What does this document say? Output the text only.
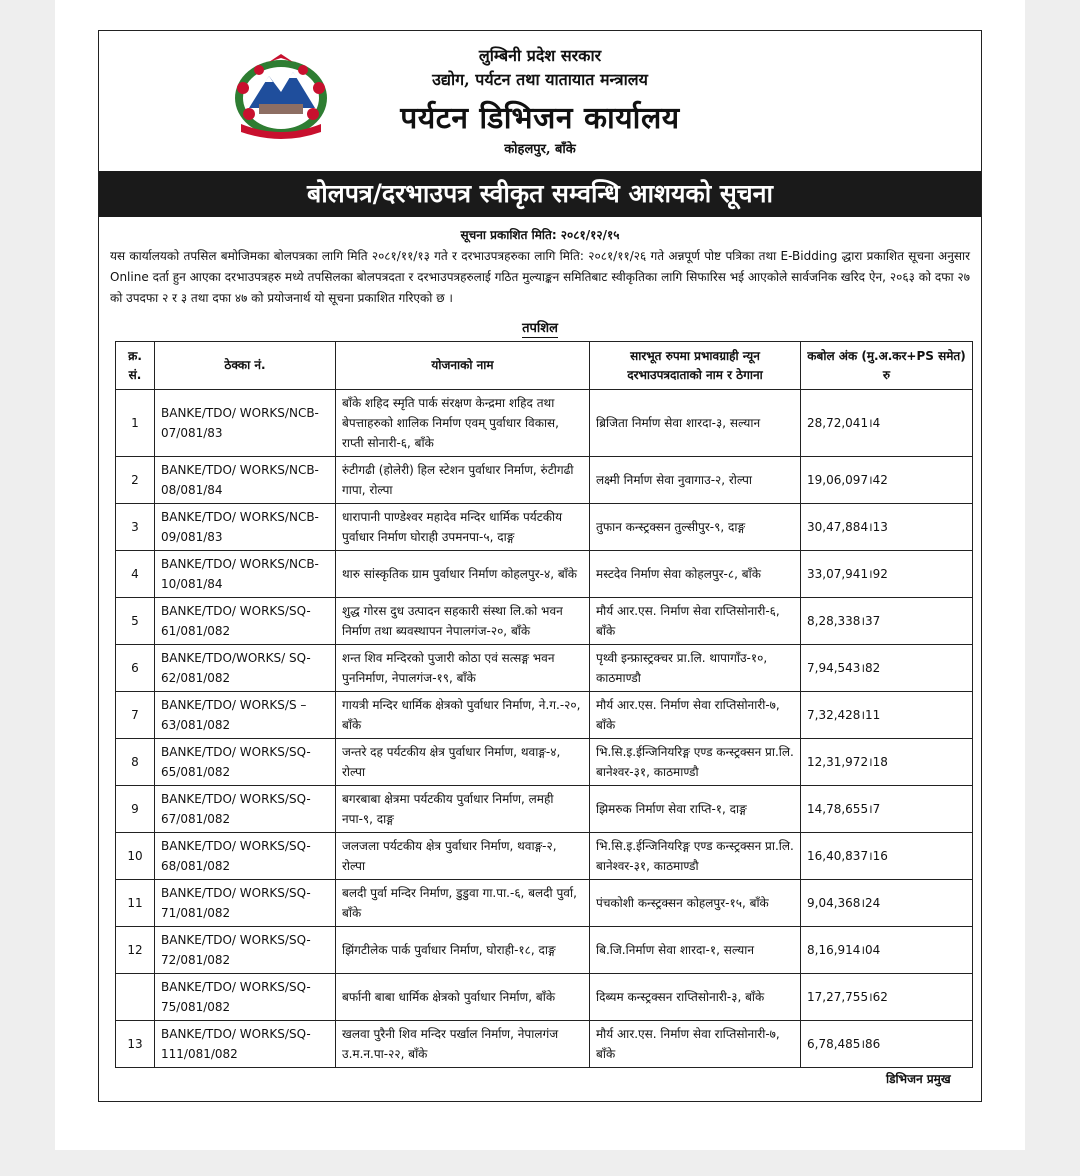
लुम्बिनी प्रदेश सरकार
उद्योग, पर्यटन तथा यातायात मन्त्रालय
पर्यटन डिभिजन कार्यालय
कोहलपुर, बाँके
बोलपत्र/दरभाउपत्र स्वीकृत सम्वन्धि आशयको सूचना
सूचना प्रकाशित मिति: २०८१/१२/१५
यस कार्यालयको तपसिल बमोजिमका बोलपत्रका लागि मिति २०८१/११/१३ गते र दरभाउपत्रहरुका लागि मिति: २०८१/११/२६ गते अन्नपूर्ण पोष्ट पत्रिका तथा E-Bidding द्धारा प्रकाशित सूचना अनुसार Online दर्ता हुन आएका दरभाउपत्रहरु मध्ये तपसिलका बोलपत्रदता र दरभाउपत्रहरुलाई गठित मुल्याङ्कन समितिबाट स्वीकृतिका लागि सिफारिस भई आएकोले सार्वजनिक खरिद ऐन, २०६३ को दफा २७ को उपदफा २ र ३ तथा दफा ४७ को प्रयोजनार्थ यो सूचना प्रकाशित गरिएको छ ।
तपशिल
क्र. सं.	ठेक्का नं.	योजनाको नाम	सारभूत रुपमा प्रभावग्राही न्यून दरभाउपत्रदाताको नाम र ठेगाना	कबोल अंक (मु.अ.कर+PS समेत) रु
1	BANKE/TDO/ WORKS/NCB-07/081/83	बाँके शहिद स्मृति पार्क संरक्षण केन्द्रमा शहिद तथा बेपत्ताहरुको शालिक निर्माण एवम् पुर्वाधार विकास, राप्ती सोनारी-६, बाँके	ब्रिजिता निर्माण सेवा शारदा-३, सल्यान	28,72,041।4
2	BANKE/TDO/ WORKS/NCB-08/081/84	रुंटीगढी (होलेरी) हिल स्टेशन पुर्वाधार निर्माण, रुंटीगढी गापा, रोल्पा	लक्ष्मी निर्माण सेवा नुवागाउ-२, रोल्पा	19,06,097।42
3	BANKE/TDO/ WORKS/NCB-09/081/83	धारापानी पाण्डेश्वर महादेव मन्दिर धार्मिक पर्यटकीय पुर्वाधार निर्माण घोराही उपमनपा-५, दाङ्ग	तुफान कन्स्ट्रक्सन तुल्सीपुर-९, दाङ्ग	30,47,884।13
4	BANKE/TDO/ WORKS/NCB-10/081/84	थारु सांस्कृतिक ग्राम पुर्वाधार निर्माण कोहलपुर-४, बाँके	मस्टदेव निर्माण सेवा कोहलपुर-८, बाँके	33,07,941।92
5	BANKE/TDO/ WORKS/SQ-61/081/082	शुद्ध गोरस दुध उत्पादन सहकारी संस्था लि.को भवन निर्माण तथा ब्यवस्थापन नेपालगंज-२०, बाँके	मौर्य आर.एस. निर्माण सेवा राप्तिसोनारी-६, बाँके	8,28,338।37
6	BANKE/TDO/WORKS/ SQ-62/081/082	शन्त शिव मन्दिरको पुजारी कोठा एवं सत्सङ्ग भवन पुननिर्माण, नेपालगंज-१९, बाँके	पृथ्वी इन्फ्रास्ट्रक्चर प्रा.लि. थापागाँउ-१०, काठमाण्डौ	7,94,543।82
7	BANKE/TDO/ WORKS/S –63/081/082	गायत्री मन्दिर धार्मिक क्षेत्रको पुर्वाधार निर्माण, ने.ग.-२०, बाँके	मौर्य आर.एस. निर्माण सेवा राप्तिसोनारी-७, बाँके	7,32,428।11
8	BANKE/TDO/ WORKS/SQ-65/081/082	जन्तरे दह पर्यटकीय क्षेत्र पुर्वाधार निर्माण, थवाङ्ग-४, रोल्पा	भि.सि.इ.ईन्जिनियरिङ्ग एण्ड कन्स्ट्रक्सन प्रा.लि. बानेश्वर-३१, काठमाण्डौ	12,31,972।18
9	BANKE/TDO/ WORKS/SQ-67/081/082	बगरबाबा क्षेत्रमा पर्यटकीय पुर्वाधार निर्माण, लमही नपा-९, दाङ्ग	झिमरुक निर्माण सेवा राप्ति-१, दाङ्ग	14,78,655।7
10	BANKE/TDO/ WORKS/SQ-68/081/082	जलजला पर्यटकीय क्षेत्र पुर्वाधार निर्माण, थवाङ्ग-२, रोल्पा	भि.सि.इ.ईन्जिनियरिङ्ग एण्ड कन्स्ट्रक्सन प्रा.लि. बानेश्वर-३१, काठमाण्डौ	16,40,837।16
11	BANKE/TDO/ WORKS/SQ-71/081/082	बलदी पुर्वा मन्दिर निर्माण, डुडुवा गा.पा.-६, बलदी पुर्वा, बाँके	पंचकोशी कन्स्ट्रक्सन कोहलपुर-१५, बाँके	9,04,368।24
12	BANKE/TDO/ WORKS/SQ-72/081/082	झिंगटीलेक पार्क पुर्वाधार निर्माण, घोराही-१८, दाङ्ग	बि.जि.निर्माण सेवा शारदा-१, सल्यान	8,16,914।04
	BANKE/TDO/ WORKS/SQ-75/081/082	बर्फानी बाबा धार्मिक क्षेत्रको पुर्वाधार निर्माण, बाँके	दिब्यम कन्स्ट्रक्सन राप्तिसोनारी-३, बाँके	17,27,755।62
13	BANKE/TDO/ WORKS/SQ-111/081/082	खलवा पुरैनी शिव मन्दिर पर्खाल निर्माण, नेपालगंज उ.म.न.पा-२२, बाँके	मौर्य आर.एस. निर्माण सेवा राप्तिसोनारी-७, बाँके	6,78,485।86
डिभिजन प्रमुख
